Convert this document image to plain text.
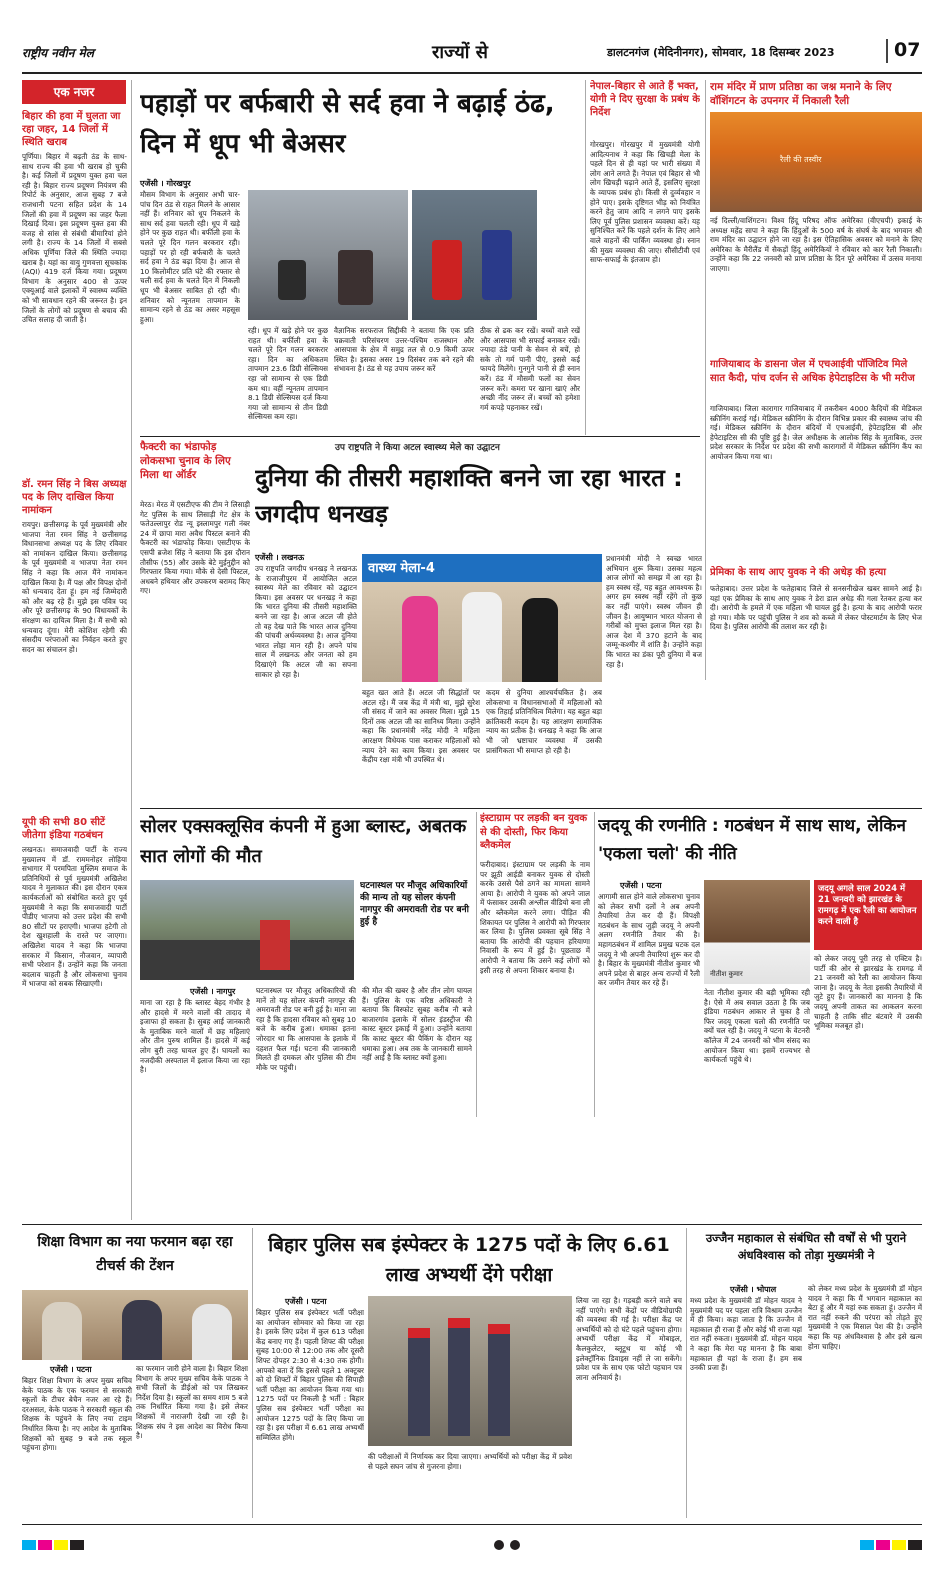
राष्ट्रीय नवीन मेल	राज्यों से	डालटनगंज (मेदिनीनगर), सोमवार, 18 दिसम्बर 2023	07
एक नजर
बिहार की हवा में घुलता जा रहा जहर, 14 जिलों में स्थिति खराब
पूर्णिया। बिहार में बढ़ती ठंड के साथ-साथ राज्य की हवा भी खराब हो चुकी है। कई जिलों में प्रदूषण युक्त हवा चल रही है। बिहार राज्य प्रदूषण नियंत्रण की रिपोर्ट के अनुसार, आज सुबह 7 बजे राजधानी पटना सहित प्रदेश के 14 जिलों की हवा में प्रदूषण का जहर फैला दिखाई दिया। इस प्रदूषण युक्त हवा की वजह से सांस से संबंधी बीमारियां होने लगी है। राज्य के 14 जिलों में सबसे अधिक पूर्णिया जिले की स्थिति ज्यादा खराब है। यहां का वायु गुणवत्ता सूचकांक (AQI) 419 दर्ज किया गया। प्रदूषण विभाग के अनुसार 400 से ऊपर एक्यूआई वाले इलाकों में स्वास्थ्य व्यक्ति को भी सावधान रहने की जरूरत है। इन जिलों के लोगों को प्रदूषण से बचाव की उचित सलाह दी जाती है।
डॉ. रमन सिंह ने बिस अध्यक्ष पद के लिए दाखिल किया नामांकन
रायपुर। छत्तीसगढ़ के पूर्व मुख्यमंत्री और भाजपा नेता रमन सिंह ने छत्तीसगढ़ विधानसभा अध्यक्ष पद के लिए रविवार को नामांकन दाखिल किया। छत्तीसगढ़ के पूर्व मुख्यमंत्री व भाजपा नेता रमन सिंह ने कहा कि आज मैंने नामांकन दाखिल किया है। मैं पक्ष और विपक्ष दोनों को धन्यवाद देता हूं। हम नई जिम्मेदारी को और बढ़ रहे हैं। मुझे इस पवित्र पद और पूरे छत्तीसगढ़ के 90 विधायकों के संरक्षण का दायित्व मिला है। मैं सभी को धन्यवाद दूंगा। मेरी कोशिश रहेगी की संसदीय परंपराओं का निर्वहन करते हुए सदन का संचालन हो।
यूपी की सभी 80 सीटें जीतेगा इंडिया गठबंधन
लखनऊ। समाजवादी पार्टी के राज्य मुख्यालय में डॉ. राममनोहर लोहिया सभागार में परमपिता मुस्लिम समाज के प्रतिनिधियों से पूर्व मुख्यमंत्री अखिलेश यादव ने मुलाकात की। इस दौरान एकत्र कार्यकर्ताओं को संबोधित करते हुए पूर्व मुख्यमंत्री ने कहा कि समाजवादी पार्टी पीडीए भाजपा को उत्तर प्रदेश की सभी 80 सीटों पर हराएगी। भाजपा हटेगी तो देश खुशहाली के रास्ते पर जाएगा। अखिलेश यादव ने कहा कि भाजपा सरकार में किसान, नौजवान, व्यापारी सभी परेशान हैं। उन्होंने कहा कि जनता बदलाव चाहती है और लोकसभा चुनाव में भाजपा को सबक सिखाएगी।
पहाड़ों पर बर्फबारी से सर्द हवा ने बढ़ाई ठंढ, दिन में धूप भी बेअसर
एजेंसी । गोरखपुर
मौसम विभाग के अनुसार अभी चार-पांच दिन ठंड से राहत मिलने के आसार नहीं हैं। शनिवार को धूप निकलने के साथ सर्द हवा चलती रही। धूप में खड़े होने पर कुछ राहत थी। बर्फीली हवा के चलते पूरे दिन गलन बरकरार रही। पहाड़ों पर हो रही बर्फबारी के चलते सर्द हवा ने ठंड बढ़ा दिया है। आज से 10 किलोमीटर प्रति घंटे की रफ्तार से चली सर्द हवा के चलते दिन में निकली धूप भी बेअसर साबित हो रही थी। शनिवार को न्यूनतम तापमान के सामान्य रहने से ठंड का असर महसूस हुआ।
रही। धूप में खड़े होने पर कुछ राहत थी। बर्फीली हवा के चलते पूरे दिन गलन बरकरार रहा। दिन का अधिकतम तापमान 23.6 डिग्री सेल्सियस रहा जो सामान्य से एक डिग्री कम था। वहीं न्यूनतम तापमान 8.1 डिग्री सेल्सियस दर्ज किया गया जो सामान्य से तीन डिग्री सेल्सियस कम रहा।
वैज्ञानिक सरफराज सिद्दीकी ने बताया कि एक प्रति चक्रवाती परिसंचरण उत्तर-पश्चिम राजस्थान और आसपास के क्षेत्र में समुद्र तल से 0.9 किमी ऊपर स्थित है। इसका असर 19 दिसंबर तक बने रहने की संभावना है। ठंड से यह उपाय जरूर करें
ठीक से ढक कर रखें। बच्चों वाले रखें और आसपास भी सफाई बनाकर रखें। ज्यादा ठंडे पानी के सेवन से बचें, हो सके तो गर्म पानी पीएं, इससे कई फायदे मिलेंगे। गुनगुने पानी से ही स्नान करें। ठंड में मौसमी फलों का सेवन जरूर करें। कमरा पर खाना खाएं और अच्छी नींद जरूर लें। बच्चों को हमेशा गर्म कपड़े पहनाकर रखें।
नेपाल-बिहार से आते हैं भक्त, योगी ने दिए सुरक्षा के प्रबंध के निर्देश
गोरखपुर। गोरखपुर में मुख्यमंत्री योगी आदित्यनाथ ने कहा कि खिचड़ी मेला के पहले दिन से ही यहां पर भारी संख्या में लोग आने लगते हैं। नेपाल एवं बिहार से भी लोग खिचड़ी चढ़ाने आते हैं, इसलिए सुरक्षा के व्यापक प्रबंध हो। किसी से दुर्व्यवहार न होने पाए। इसके दृष्टिगत भीड़ को नियंत्रित करने हेतु जाम आदि न लगने पाए इसके लिए पूर्व पुलिस प्रशासन व्यवस्था करें। यह सुनिश्चित करें कि पहले दर्शन के लिए आने वाले वाहनों की पार्किंग व्यवस्था हो। स्नान की मुख्य व्यवस्था की जाए। सीसीटीवी एवं साफ-सफाई के इंतजाम हो।
राम मंदिर में प्राण प्रतिष्ठा का जश्न मनाने के लिए वॉशिंगटन के उपनगर में निकाली रैली
रैली की तस्वीर
नई दिल्ली/वाशिंगटन। विश्व हिंदू परिषद ऑफ अमेरिका (वीएचपी) इकाई के अध्यक्ष महेंद्र सापा ने कहा कि हिंदुओं के 500 वर्ष के संघर्ष के बाद भगवान श्री राम मंदिर का उद्घाटन होने जा रहा है। इस ऐतिहासिक अवसर को मनाने के लिए अमेरिका के मैरीलैंड में सैकड़ों हिंदू अमेरिकियों ने रविवार को कार रैली निकाली। उन्होंने कहा कि 22 जनवरी को प्राण प्रतिष्ठा के दिन पूरे अमेरिका में उत्सव मनाया जाएगा।
गाजियाबाद के डासना जेल में एचआईवी पॉजिटिव मिले सात कैदी, पांच दर्जन से अधिक हेपेटाइटिस के भी मरीज
गाजियाबाद। जिला कारागार गाजियाबाद में तकरीबन 4000 कैदियों की मेडिकल स्क्रीनिंग कराई गई। मेडिकल स्क्रीनिंग के दौरान विभिन्न प्रकार की स्वास्थ्य जांच की गई। मेडिकल स्क्रीनिंग के दौरान बंदियों में एचआईवी, हेपेटाइटिस बी और हेपेटाइटिस सी की पुष्टि हुई है। जेल अधीक्षक के आलोक सिंह के मुताबिक, उत्तर प्रदेश सरकार के निर्देश पर प्रदेश की सभी कारागारों में मेडिकल स्क्रीनिंग कैंप का आयोजन किया गया था।
प्रेमिका के साथ आए युवक ने की अधेड़ की हत्या
फतेहाबाद। उत्तर प्रदेश के फतेहाबाद जिले से सनसनीखेज खबर सामने आई है। यहां एक प्रेमिका के साथ आए युवक ने डेरा डाल अधेड़ की गला रेतकर हत्या कर दी। आरोपी के हमले में एक महिला भी घायल हुई है। हत्या के बाद आरोपी फरार हो गया। मौके पर पहुंची पुलिस ने शव को कब्जे में लेकर पोस्टमार्टम के लिए भेज दिया है। पुलिस आरोपी की तलाश कर रही है।
फैक्टरी का भंडाफोड़ लोकसभा चुनाव के लिए मिला था ऑर्डर
मेरठ। मेरठ में एसटीएफ की टीम ने लिसाड़ी गेट पुलिस के साथ लिसाड़ी गेट क्षेत्र के फतेउल्लापुर रोड न्यू इस्लामपुर गली नंबर 24 में छापा मारा अवैध पिस्टल बनाने की फैक्टरी का भंडाफोड़ किया। एसटीएफ के एसपी ब्रजेश सिंह ने बताया कि इस दौरान तौसीफ (55) और उसके बेटे मुईनुद्दीन को गिरफ्तार किया गया। मौके से देसी पिस्टल, अधबने हथियार और उपकरण बरामद किए गए।
उप राष्ट्रपति ने किया अटल स्वास्थ्य मेले का उद्घाटन
दुनिया की तीसरी महाशक्ति बनने जा रहा भारत : जगदीप धनखड़
एजेंसी । लखनऊ
उप राष्ट्रपति जगदीप धनखड़ ने लखनऊ के राजाजीपुरम में आयोजित अटल स्वास्थ्य मेले का रविवार को उद्घाटन किया। इस अवसर पर धनखड़ ने कहा कि भारत दुनिया की तीसरी महाशक्ति बनने जा रहा है। आज अटल जी होते तो वह देख पाते कि भारत आज दुनिया की पांचवी अर्थव्यवस्था है। आज दुनिया भारत लोहा मान रही है। अपने पांच साल में लखनऊ और जनता को हम दिखाएंगे कि अटल जी का सपना साकार हो रहा है।
वास्थ्य मेला-4
बहुत खत आते हैं। अटल जी सिद्धांतों पर अटल रहे। मैं जब केंद्र में मंत्री था, मुझे सुरेश जी संसद में जाने का अवसर मिला। मुझे 15 दिनों तक अटल जी का सानिध्य मिला। उन्होंने कहा कि प्रधानमंत्री नरेंद्र मोदी ने महिला आरक्षण विधेयक पास कराकर महिलाओं को न्याय देने का काम किया। इस अवसर पर केंद्रीय रक्षा मंत्री भी उपस्थित थे।
कदम से दुनिया आश्चर्यचकित है। अब लोकसभा व विधानसभाओं में महिलाओं को एक तिहाई प्रतिनिधित्व मिलेगा। यह बहुत बड़ा क्रांतिकारी कदम है। यह आरक्षण सामाजिक न्याय का प्रतीक है। धनखड़ ने कहा कि आज भी जो भ्रष्टाचार व्यवस्था में उसकी प्रासंगिकता भी समाप्त हो रही है।
प्रधानमंत्री मोदी ने स्वच्छ भारत अभियान शुरू किया। उसका महत्व आज लोगों को समझ में आ रहा है। हम स्वस्थ रहें, यह बहुत आवश्यक है। अगर हम स्वस्थ नहीं रहेंगे तो कुछ कर नहीं पाएंगे। स्वस्थ जीवन ही जीवन है। आयुष्मान भारत योजना से गरीबों को मुफ्त इलाज मिल रहा है। आज देश में 370 हटाने के बाद जम्मू-कश्मीर में शांति है। उन्होंने कहा कि भारत का डंका पूरी दुनिया में बज रहा है।
सोलर एक्सक्लूसिव कंपनी में हुआ ब्लास्ट, अबतक सात लोगों की मौत
घटनास्थल पर मौजूद अधिकारियों की मान्य तो यह सोलर कंपनी नागपुर की अमरावती रोड पर बनी हुई है
एजेंसी । नागपुर
माना जा रहा है कि ब्लास्ट बेहद गंभीर है और हादसे में मरने वालों की तादाद में इजाफा हो सकता है। सुबह आई जानकारी के मुताबिक मरने वालों में छह महिलाएं और तीन पुरुष शामिल हैं। हादसे में कई लोग बुरी तरह घायल हुए हैं। घायलों का नजदीकी अस्पताल में इलाज किया जा रहा है।
घटनास्थल पर मौजूद अधिकारियों की मानें तो यह सोलर कंपनी नागपुर की अमरावती रोड पर बनी हुई है। माना जा रहा है कि हादसा रविवार को सुबह 10 बजे के करीब हुआ। धमाका इतना जोरदार था कि आसपास के इलाके में दहशत फैल गई। घटना की जानकारी मिलते ही दमकल और पुलिस की टीम मौके पर पहुंची।
की मौत की खबर है और तीन लोग घायल हैं। पुलिस के एक वरिष्ठ अधिकारी ने बताया कि विस्फोट सुबह करीब नौ बजे बाजारगांव इलाके में सोलर इंडस्ट्रीज की कास्ट बूस्टर इकाई में हुआ। उन्होंने बताया कि कास्ट बूस्टर की पैकिंग के दौरान यह धमाका हुआ। अब तक के जानकारी सामने नहीं आई है कि ब्लास्ट क्यों हुआ।
इंस्टाग्राम पर लड़की बन युवक से की दोस्ती, फिर किया ब्लैकमेल
फरीदाबाद। इंस्टाग्राम पर लड़की के नाम पर झूठी आईडी बनाकर युवक से दोस्ती करके उससे पैसे ठगने का मामला सामने आया है। आरोपी ने युवक को अपने जाल में फंसाकर उसकी अश्लील वीडियो बना ली और ब्लैकमेल करने लगा। पीड़ित की शिकायत पर पुलिस ने आरोपी को गिरफ्तार कर लिया है। पुलिस प्रवक्ता सूबे सिंह ने बताया कि आरोपी की पहचान हरियाणा निवासी के रूप में हुई है। पूछताछ में आरोपी ने बताया कि उसने कई लोगों को इसी तरह से अपना शिकार बनाया है।
जदयू की रणनीति : गठबंधन में साथ साथ, लेकिन 'एकला चलो' की नीति
एजेंसी । पटना
आगामी साल होने वाले लोकसभा चुनाव को लेकर सभी दलों ने अब अपनी तैयारियां तेज कर दी हैं। विपक्षी गठबंधन के साथ जुड़ी जदयू ने अपनी अलग रणनीति तैयार की है। महागठबंधन में शामिल प्रमुख घटक दल जदयू ने भी अपनी तैयारियां शुरू कर दी है। बिहार के मुख्यमंत्री नीतीश कुमार भी अपने प्रदेश से बाहर अन्य राज्यों में रैली कर जमीन तैयार कर रहे हैं।
नीतीश कुमार
जदयू अगले साल 2024 में 21 जनवरी को झारखंड के रामगढ़ में एक रैली का आयोजन करने वाली है
नेता नीतीश कुमार की बड़ी भूमिका रही है। ऐसे में अब सवाल उठता है कि जब इंडिया गठबंधन आकार ले चुका है तो फिर जदयू एकला चलो की रणनीति पर क्यों चल रही है। जदयू ने पटना के वेटनरी कॉलेज में 24 जनवरी को भीम संसद का आयोजन किया था। इसमें राज्यभर से कार्यकर्ता पहुंचे थे।
को लेकर जदयू पूरी तरह से एक्टिव है। पार्टी की ओर से झारखंड के रामगढ़ में 21 जनवरी को रैली का आयोजन किया जाना है। जदयू के नेता इसकी तैयारियों में जुटे हुए हैं। जानकारों का मानना है कि जदयू अपनी ताकत का आकलन करना चाहती है ताकि सीट बंटवारे में उसकी भूमिका मजबूत हो।
शिक्षा विभाग का नया फरमान बढ़ा रहा टीचर्स की टेंशन
एजेंसी । पटना
बिहार शिक्षा विभाग के अपर मुख्य सचिव केके पाठक के एक फरमान से सरकारी स्कूलों के टीचर बेचैन नजर आ रहे हैं। दरअसल, केके पाठक ने सरकारी स्कूल की शिक्षक के पहुंचने के लिए नया टाइम निर्धारित किया है। नए आदेश के मुताबिक शिक्षकों को सुबह 9 बजे तक स्कूल पहुंचना होगा।
का फरमान जारी होने वाला है। बिहार शिक्षा विभाग के अपर मुख्य सचिव केके पाठक ने सभी जिलों के डीईओ को पत्र लिखकर निर्देश दिया है। स्कूलों का समय शाम 5 बजे तक निर्धारित किया गया है। इसे लेकर शिक्षकों में नाराजगी देखी जा रही है। शिक्षक संघ ने इस आदेश का विरोध किया है।
बिहार पुलिस सब इंस्पेक्टर के 1275 पदों के लिए 6.61 लाख अभ्यर्थी देंगे परीक्षा
एजेंसी । पटना
बिहार पुलिस सब इंस्पेक्टर भर्ती परीक्षा का आयोजन सोमवार को किया जा रहा है। इसके लिए प्रदेश में कुल 613 परीक्षा केंद्र बनाए गए हैं। पहली शिफ्ट की परीक्षा सुबह 10:00 से 12:00 तक और दूसरी शिफ्ट दोपहर 2:30 से 4:30 तक होगी। आपको बता दें कि इससे पहले 1 अक्टूबर को दो शिफ्टों में बिहार पुलिस की सिपाही भर्ती परीक्षा का आयोजन किया गया था। 1275 पदों पर निकली है भर्ती : बिहार पुलिस सब इंस्पेक्टर भर्ती परीक्षा का आयोजन 1275 पदों के लिए किया जा रहा है। इस परीक्षा में 6.61 लाख अभ्यर्थी सम्मिलित होंगे।
की परीक्षाओं में निर्णायक कर दिया जाएगा। अभ्यर्थियों को परीक्षा केंद्र में प्रवेश से पहले सघन जांच से गुजरना होगा।
लिया जा रहा है। गड़बड़ी करने वाले बच नहीं पाएंगे। सभी केंद्रों पर वीडियोग्राफी की व्यवस्था की गई है। परीक्षा केंद्र पर अभ्यर्थियों को दो घंटे पहले पहुंचना होगा। अभ्यर्थी परीक्षा केंद्र में मोबाइल, कैलकुलेटर, ब्लूटूथ या कोई भी इलेक्ट्रॉनिक डिवाइस नहीं ले जा सकेंगे। प्रवेश पत्र के साथ एक फोटो पहचान पत्र लाना अनिवार्य है।
उज्जैन महाकाल से संबंधित सौ वर्षों से भी पुराने अंधविश्वास को तोड़ा मुख्यमंत्री ने
एजेंसी । भोपाल
मध्य प्रदेश के मुख्यमंत्री डॉ मोहन यादव ने मुख्यमंत्री पद पर पहला रात्रि विश्राम उज्जैन में ही किया। कहा जाता है कि उज्जैन में महाकाल ही राजा हैं और कोई भी राजा यहां रात नहीं रुकता। मुख्यमंत्री डॉ. मोहन यादव ने कहा कि मेरा यह मानना है कि बाबा महाकाल ही यहां के राजा हैं। हम सब उनकी प्रजा हैं।
को लेकर मध्य प्रदेश के मुख्यमंत्री डॉ मोहन यादव ने कहा कि मैं भगवान महाकाल का बेटा हूं और मैं यहां रुक सकता हूं। उज्जैन में रात नहीं रुकने की परंपरा को तोड़ते हुए मुख्यमंत्री ने एक मिसाल पेश की है। उन्होंने कहा कि यह अंधविश्वास है और इसे खत्म होना चाहिए।
